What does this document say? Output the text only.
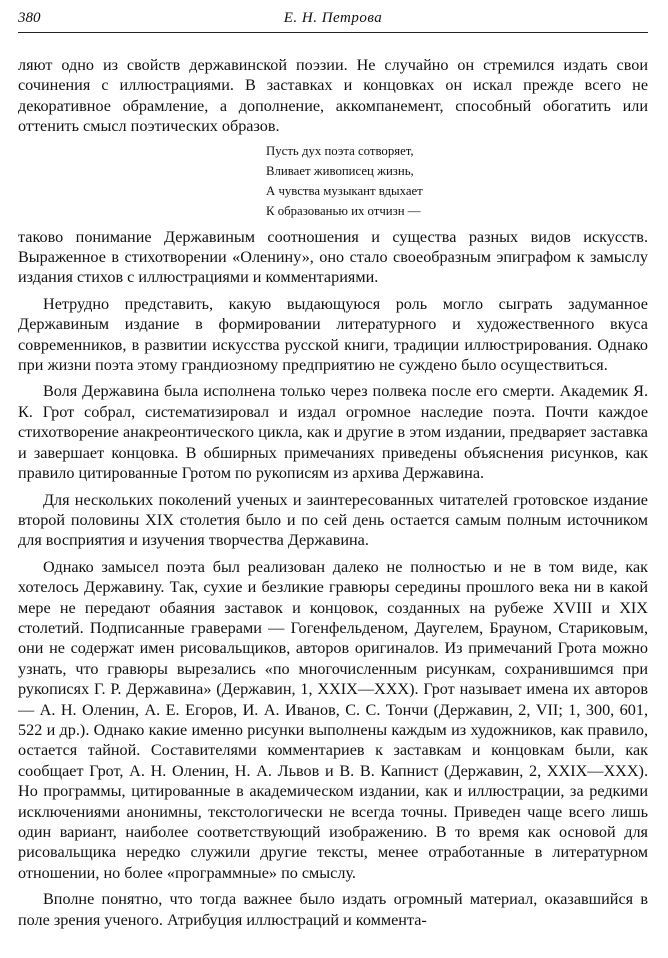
380	Е. Н. Петрова

ляют одно из свойств державинской поэзии. Не случайно он стремился издать свои сочинения с иллюстрациями. В заставках и концовках он искал прежде всего не декоративное обрамление, а дополнение, аккомпанемент, способный обогатить или оттенить смысл поэтических образов.

Пусть дух поэта сотворяет,
Вливает живописец жизнь,
А чувства музыкант вдыхает
К образованью их отчизн —

таково понимание Державиным соотношения и существа разных видов искусств. Выраженное в стихотворении «Оленину», оно стало своеобразным эпиграфом к замыслу издания стихов с иллюстрациями и комментариями.

Нетрудно представить, какую выдающуюся роль могло сыграть задуманное Державиным издание в формировании литературного и художественного вкуса современников, в развитии искусства русской книги, традиции иллюстрирования. Однако при жизни поэта этому грандиозному предприятию не суждено было осуществиться.

Воля Державина была исполнена только через полвека после его смерти. Академик Я. К. Грот собрал, систематизировал и издал огромное наследие поэта. Почти каждое стихотворение анакреонтического цикла, как и другие в этом издании, предваряет заставка и завершает концовка. В обширных примечаниях приведены объяснения рисунков, как правило цитированные Гротом по рукописям из архива Державина.

Для нескольких поколений ученых и заинтересованных читателей гротовское издание второй половины XIX столетия было и по сей день остается самым полным источником для восприятия и изучения творчества Державина.

Однако замысел поэта был реализован далеко не полностью и не в том виде, как хотелось Державину. Так, сухие и безликие гравюры середины прошлого века ни в какой мере не передают обаяния заставок и концовок, созданных на рубеже XVIII и XIX столетий. Подписанные граверами — Гогенфельденом, Даугелем, Брауном, Стариковым, они не содержат имен рисовальщиков, авторов оригиналов. Из примечаний Грота можно узнать, что гравюры вырезались «по многочисленным рисункам, сохранившимся при рукописях Г. Р. Державина» (Державин, 1, XXIX—XXX). Грот называет имена их авторов — А. Н. Оленин, А. Е. Егоров, И. А. Иванов, С. С. Тончи (Державин, 2, VII; 1, 300, 601, 522 и др.). Однако какие именно рисунки выполнены каждым из художников, как правило, остается тайной. Составителями комментариев к заставкам и концовкам были, как сообщает Грот, А. Н. Оленин, Н. А. Львов и В. В. Капнист (Державин, 2, XXIX—XXX). Но программы, цитированные в академическом издании, как и иллюстрации, за редкими исключениями анонимны, текстологически не всегда точны. Приведен чаще всего лишь один вариант, наиболее соответствующий изображению. В то время как основой для рисовальщика нередко служили другие тексты, менее отработанные в литературном отношении, но более «программные» по смыслу.

Вполне понятно, что тогда важнее было издать огромный материал, оказавшийся в поле зрения ученого. Атрибуция иллюстраций и коммента-
